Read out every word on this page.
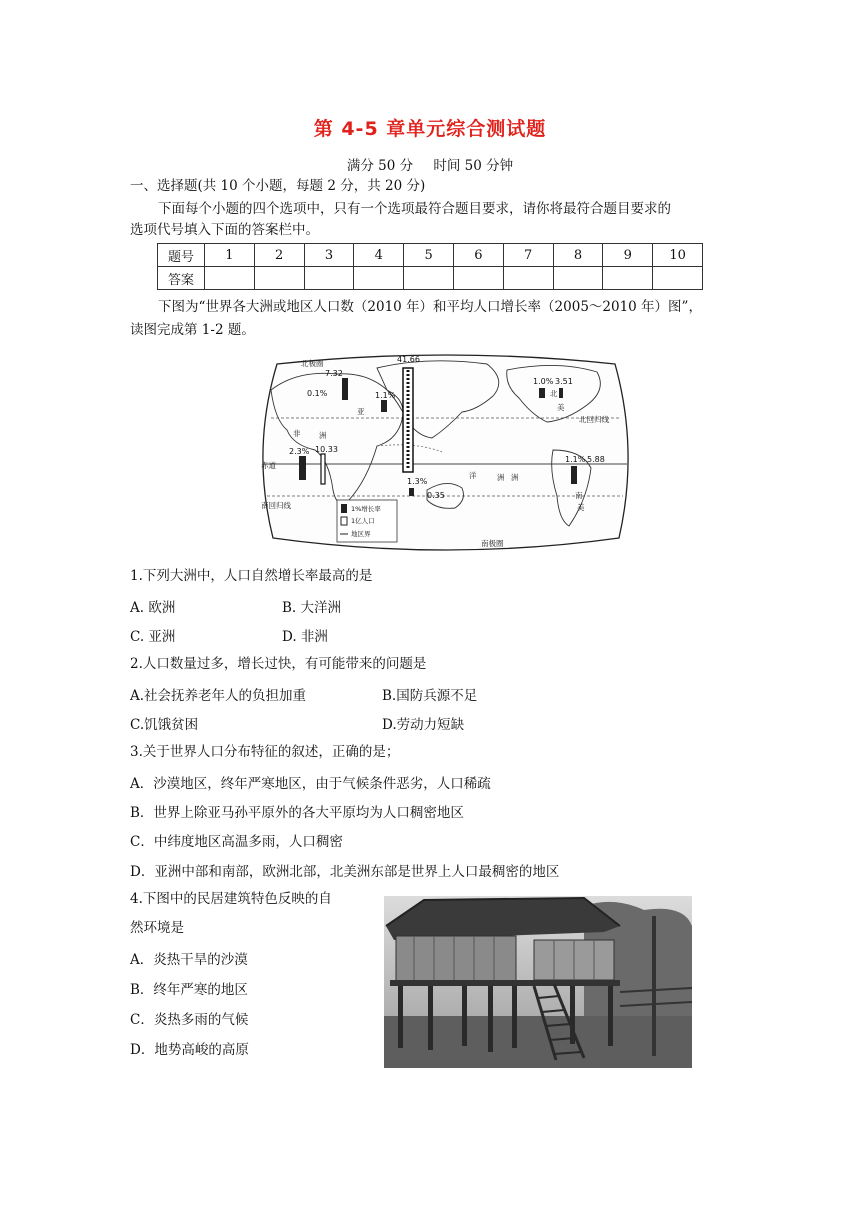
第 4-5 章单元综合测试题
满分 50 分 时间 50 分钟
一、选择题(共 10 个小题，每题 2 分，共 20 分)
下面每个小题的四个选项中，只有一个选项最符合题目要求，请你将最符合题目要求的
选项代号填入下面的答案栏中。
题号	1	2	3	4	5	6	7	8	9	10
答案										
下图为“世界各大洲或地区人口数（2010 年）和平均人口增长率（2005～2010 年）图”，
读图完成第 1-2 题。
41.66
7.32
0.1%	1.1%
1.0% 3.51
2.3% 10.33
1.1% 5.88
1.3%
0.35
非 洲
亚
北
美
南
美
洲
洋	洲
赤道
北回归线
南回归线
南极圈
北极圈
1%增长率
1亿人口
地区界
1.下列大洲中，人口自然增长率最高的是
A. 欧洲	B. 大洋洲
C. 亚洲	D. 非洲
2.人口数量过多，增长过快，有可能带来的问题是
A.社会抚养老年人的负担加重	B.国防兵源不足
C.饥饿贫困	D.劳动力短缺
3.关于世界人口分布特征的叙述，正确的是；
A．沙漠地区，终年严寒地区，由于气候条件恶劣，人口稀疏
B．世界上除亚马孙平原外的各大平原均为人口稠密地区
C．中纬度地区高温多雨，人口稠密
D．亚洲中部和南部，欧洲北部，北美洲东部是世界上人口最稠密的地区
4.下图中的民居建筑特色反映的自
然环境是
A．炎热干旱的沙漠
B．终年严寒的地区
C．炎热多雨的气候
D．地势高峻的高原
